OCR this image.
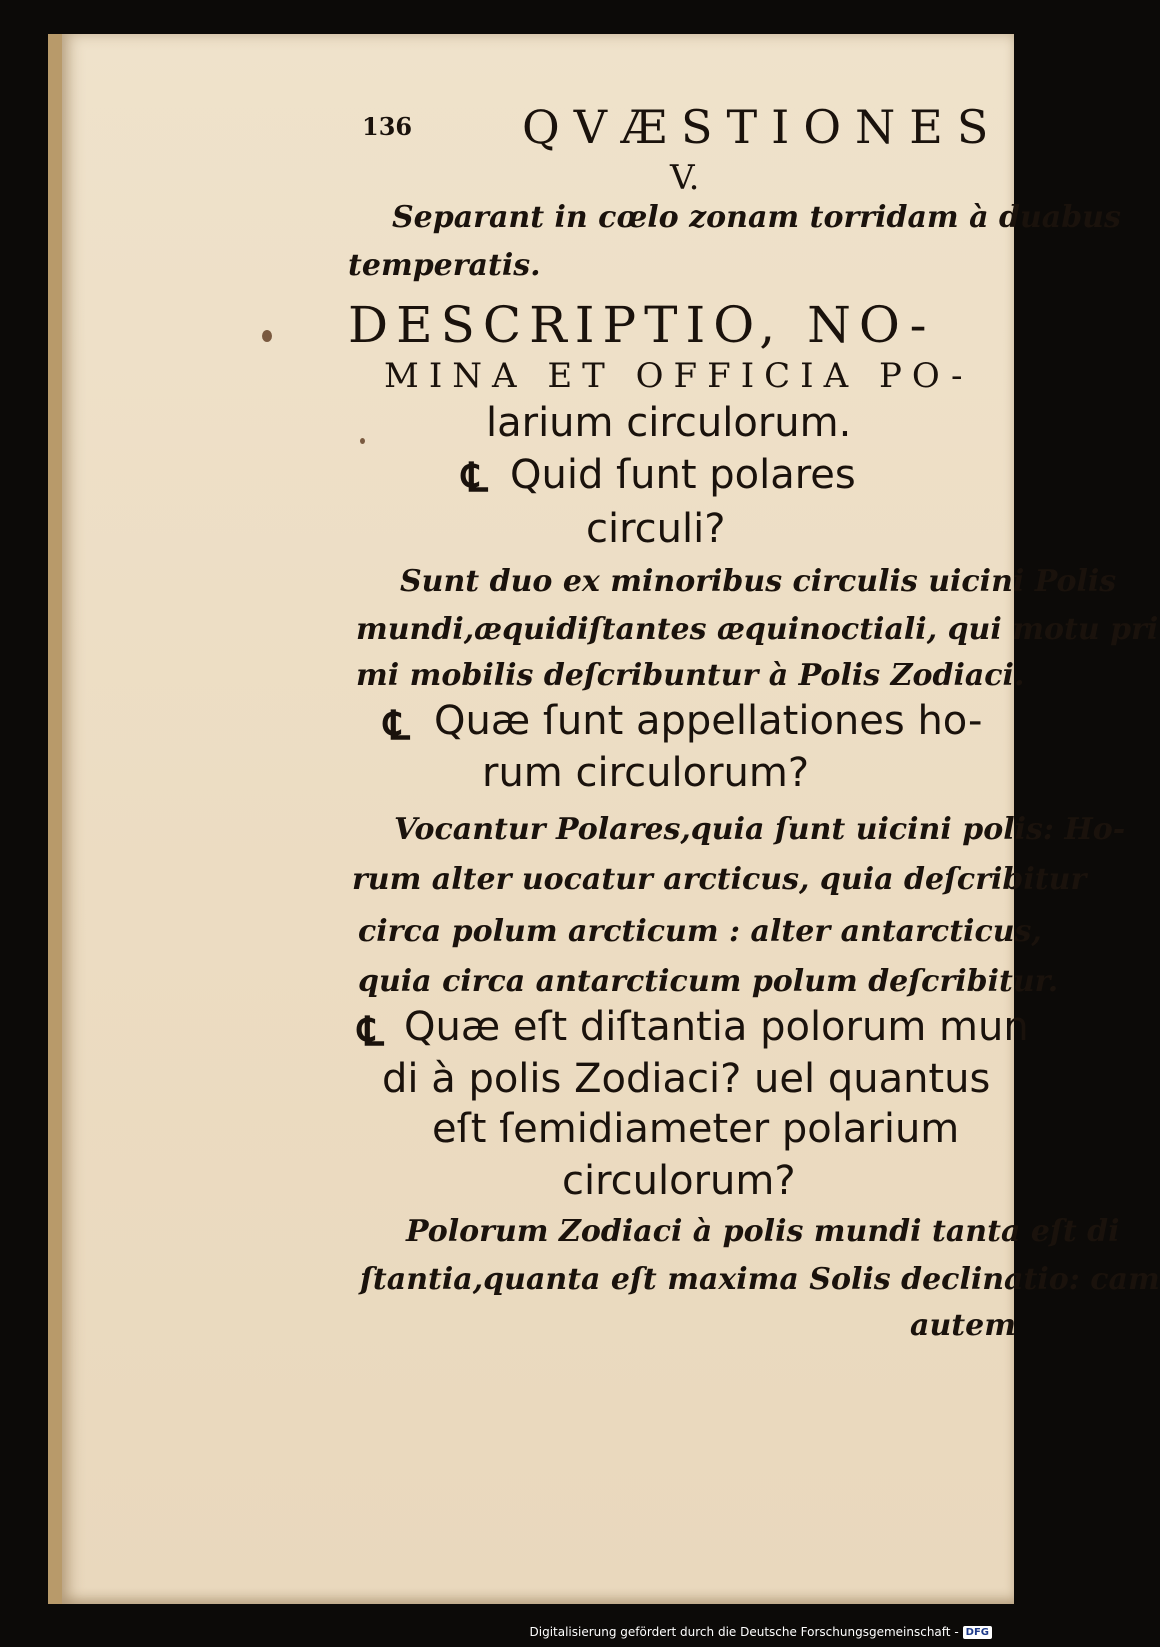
136 QVÆSTIONES
V.
Separant in cœlo zonam torridam à duabus
temperatis.
DESCRIPTIO, NO-
MINA ET OFFICIA PO-
larium circulorum.
℄ Quid ſunt polares
circuli?
Sunt duo ex minoribus circulis uicini Polis
mundi,æquidiſtantes æquinoctiali, qui motu pri
mi mobilis deſcribuntur à Polis Zodiaci.
℄ Quæ ſunt appellationes ho-
rum circulorum?
Vocantur Polares,quia ſunt uicini polis: Ho-
rum alter uocatur arcticus, quia deſcribitur
circa polum arcticum : alter antarcticus,
quia circa antarcticum polum deſcribitur.
℄ Quæ eſt diſtantia polorum mun
di à polis Zodiaci? uel quantus
eſt ſemidiameter polarium
circulorum?
Polorum Zodiaci à polis mundi tanta eſt di
ſtantia,quanta eſt maxima Solis declinatio: cam
autem
Digitalisierung gefördert durch die Deutsche Forschungsgemeinschaft - DFG
